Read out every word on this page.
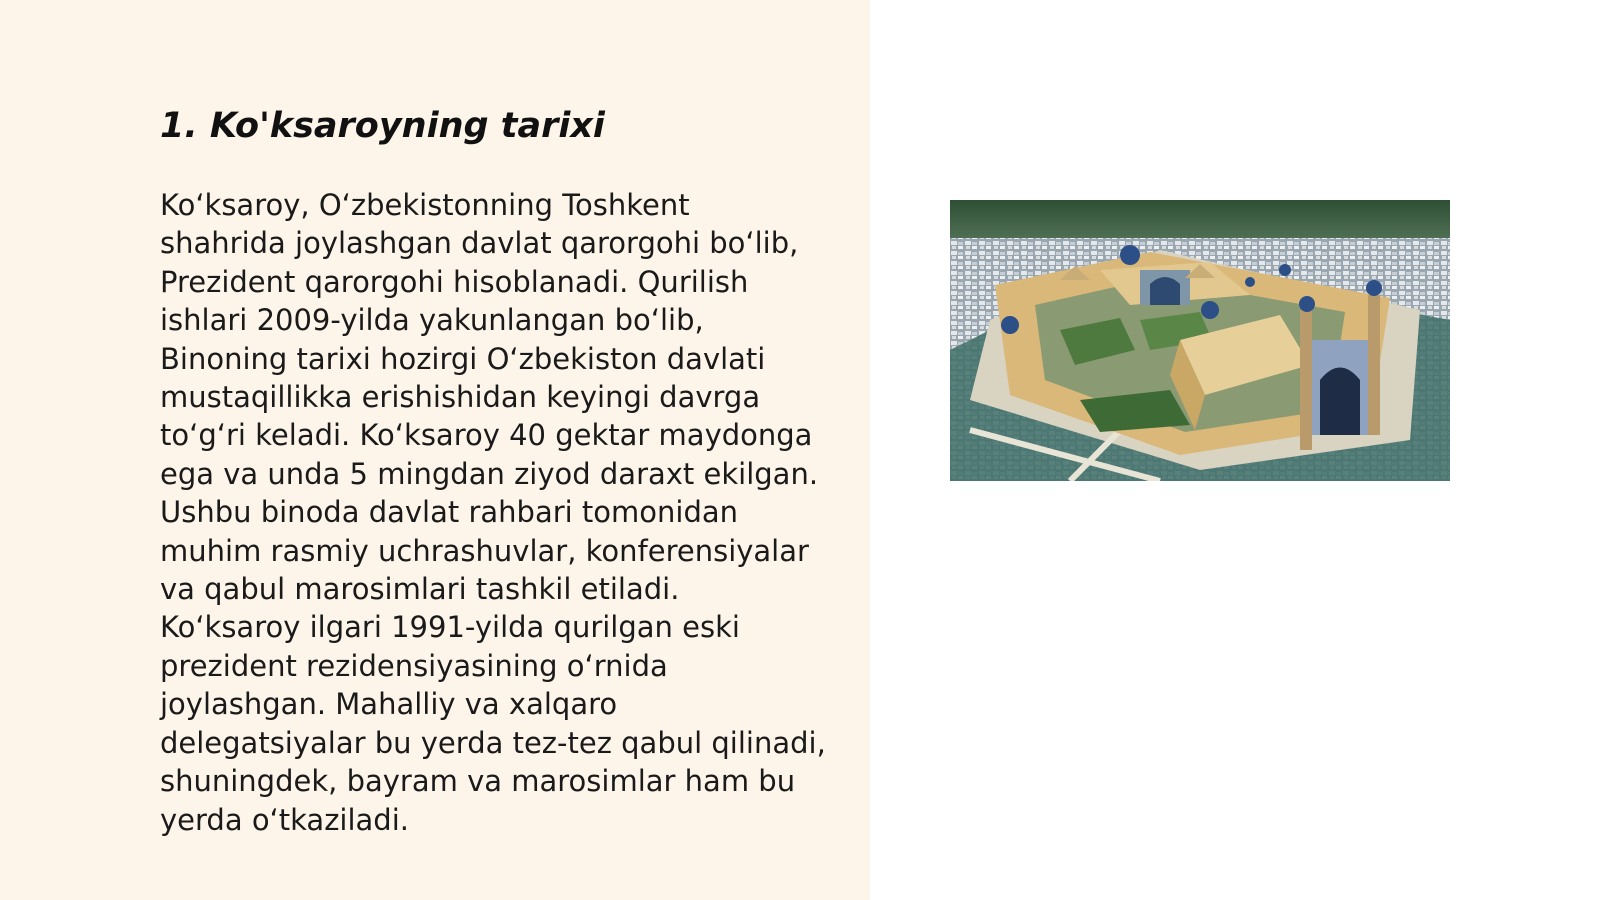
1. Ko'ksaroyning tarixi

Koʻksaroy, Oʻzbekistonning Toshkent
shahrida joylashgan davlat qarorgohi boʻlib,
Prezident qarorgohi hisoblanadi. Qurilish
ishlari 2009-yilda yakunlangan boʻlib,
Binoning tarixi hozirgi Oʻzbekiston davlati
mustaqillikka erishishidan keyingi davrga
toʻgʻri keladi. Koʻksaroy 40 gektar maydonga
ega va unda 5 mingdan ziyod daraxt ekilgan.
Ushbu binoda davlat rahbari tomonidan
muhim rasmiy uchrashuvlar, konferensiyalar
va qabul marosimlari tashkil etiladi.
Koʻksaroy ilgari 1991-yilda qurilgan eski
prezident rezidensiyasining oʻrnida
joylashgan. Mahalliy va xalqaro
delegatsiyalar bu yerda tez-tez qabul qilinadi,
shuningdek, bayram va marosimlar ham bu
yerda oʻtkaziladi.
